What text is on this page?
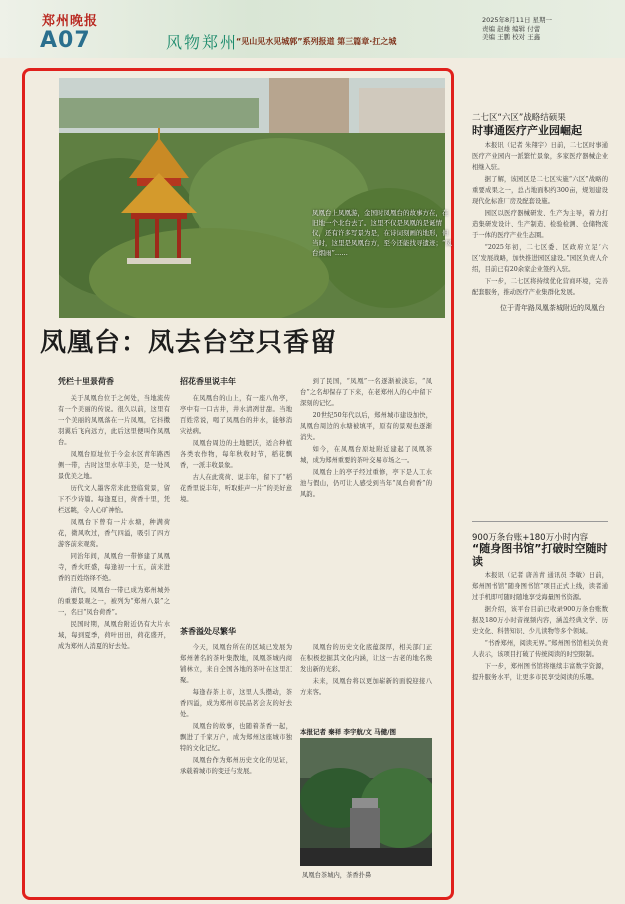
郑州晚报
A07	风物郑州
“见山见水见城郭”系列报道 第三篇章·扛之城
2025年8月11日 星期一
责编 赵雄 编辑 付蕾
美编 王鹏 校对 王鑫
凤凰台上凤凰游，金国时凤凰台的故事方在，在旧地一个北台去了。这里不仅是凤凰的是诞情仪，还有许多写景为是，在诗词刻画的地形，但当时，这里是凤凰台方，至今还能找寻遗迹；“凤台烟雨”……
位于青年路凤凰茶城附近的凤凰台
凤凰台：凤去台空只香留
凭栏十里景荷香

关于凤凰台位于之何处，当地流传有一个美丽的传说。很久以前，这里有一个美丽的凤凰落在一片凤凰，它抖擞羽翼后飞向远方，此后这里便叫作凤凰台。

凤凰台原址位于今金水区青年路西侧一带，古时这里水草丰美，是一处风景优美之地。

历代文人墨客常来此登临赏景，留下不少诗篇。每逢夏日，荷香十里，凭栏远眺，令人心旷神怡。

凤凰台下曾有一片水塘，种满荷花，微风吹过，香气四溢，吸引了四方游客前来观赏。

同治年间，凤凰台一带修建了凤凰寺，香火旺盛，每逢初一十五，前来进香的百姓络绎不绝。

清代，凤凰台一带已成为郑州城外的重要景观之一，被列为“郑州八景”之一，名曰“凤台荷香”。

民国时期，凤凰台附近仍有大片水域，每到夏季，荷叶田田，荷花盛开，成为郑州人消夏的好去处。

招花香里说丰年

在凤凰台的山上，有一座八角亭，亭中有一口古井，井水清冽甘甜。当地百姓常说，喝了凤凰台的井水，能够消灾祛病。

凤凰台周边的土地肥沃，适合种植各类农作物，每年秋收时节，稻花飘香，一派丰收景象。

古人在此赏荷、说丰年，留下了“稻花香里说丰年，听取蛙声一片”的美好意境。

到了民国，“凤凰”一名逐渐被淡忘，“凤台”之名却保存了下来，在老郑州人的心中留下深刻的记忆。

20世纪50年代以后，郑州城市建设加快，凤凰台周边的水塘被填平，原有的景观也逐渐消失。

如今，在凤凰台原址附近建起了凤凰茶城，成为郑州重要的茶叶交易市场之一。

凤凰台上的亭子经过重修，亭下是人工水池与假山，仍可让人感受到当年“凤台荷香”的风韵。

茶香溢处尽繁华

今天，凤凰台所在的区域已发展为郑州著名的茶叶集散地，凤凰茶城内商铺林立，来自全国各地的茶叶在这里汇聚。

每逢春茶上市，这里人头攒动，茶香四溢，成为郑州市民品茗会友的好去处。

凤凰台的故事，也随着茶香一起，飘进了千家万户，成为郑州这座城市独特的文化记忆。

凤凰台作为郑州历史文化的见证，承载着城市的变迁与发展。

凤凰台的历史文化底蕴深厚，相关部门正在积极挖掘其文化内涵，让这一古老的地名焕发出新的光彩。

未来，凤凰台将以更加崭新的面貌迎接八方来客。

本报记者 秦祥 李宇航/文 马健/图
凤凰台茶城内，茶香扑鼻
二七区“六区”战略结硕果
时事通医疗产业园崛起

本报讯（记者 朱翔宇）日前，二七区时事通医疗产业园内一派繁忙景象，多家医疗器械企业相继入驻。

据了解，该园区是二七区实施“六区”战略的重要成果之一，总占地面积约300亩，规划建设现代化标准厂房及配套设施。

园区以医疗器械研发、生产为主导，着力打造集研发设计、生产制造、检验检测、仓储物流于一体的医疗产业生态圈。

“2025年初，二七区委、区政府立足‘六区’发展战略，加快推进园区建设。”园区负责人介绍，目前已有20余家企业签约入驻。

下一步，二七区将持续优化营商环境，完善配套服务，推动医疗产业集群化发展。

900万条台账+180万小时内容
“随身图书馆”打破时空随时读

本报讯（记者 唐善青 通讯员 李敏）日前，郑州图书馆“随身图书馆”项目正式上线，读者通过手机即可随时随地享受海量图书资源。

据介绍，该平台目前已收录900万条台账数据及180万小时音视频内容，涵盖经典文学、历史文化、科普知识、少儿读物等多个领域。

“书香郑州，阅读无界。”郑州图书馆相关负责人表示，该项目打破了传统阅读的时空限制。

下一步，郑州图书馆将继续丰富数字资源，提升服务水平，让更多市民享受阅读的乐趣。
